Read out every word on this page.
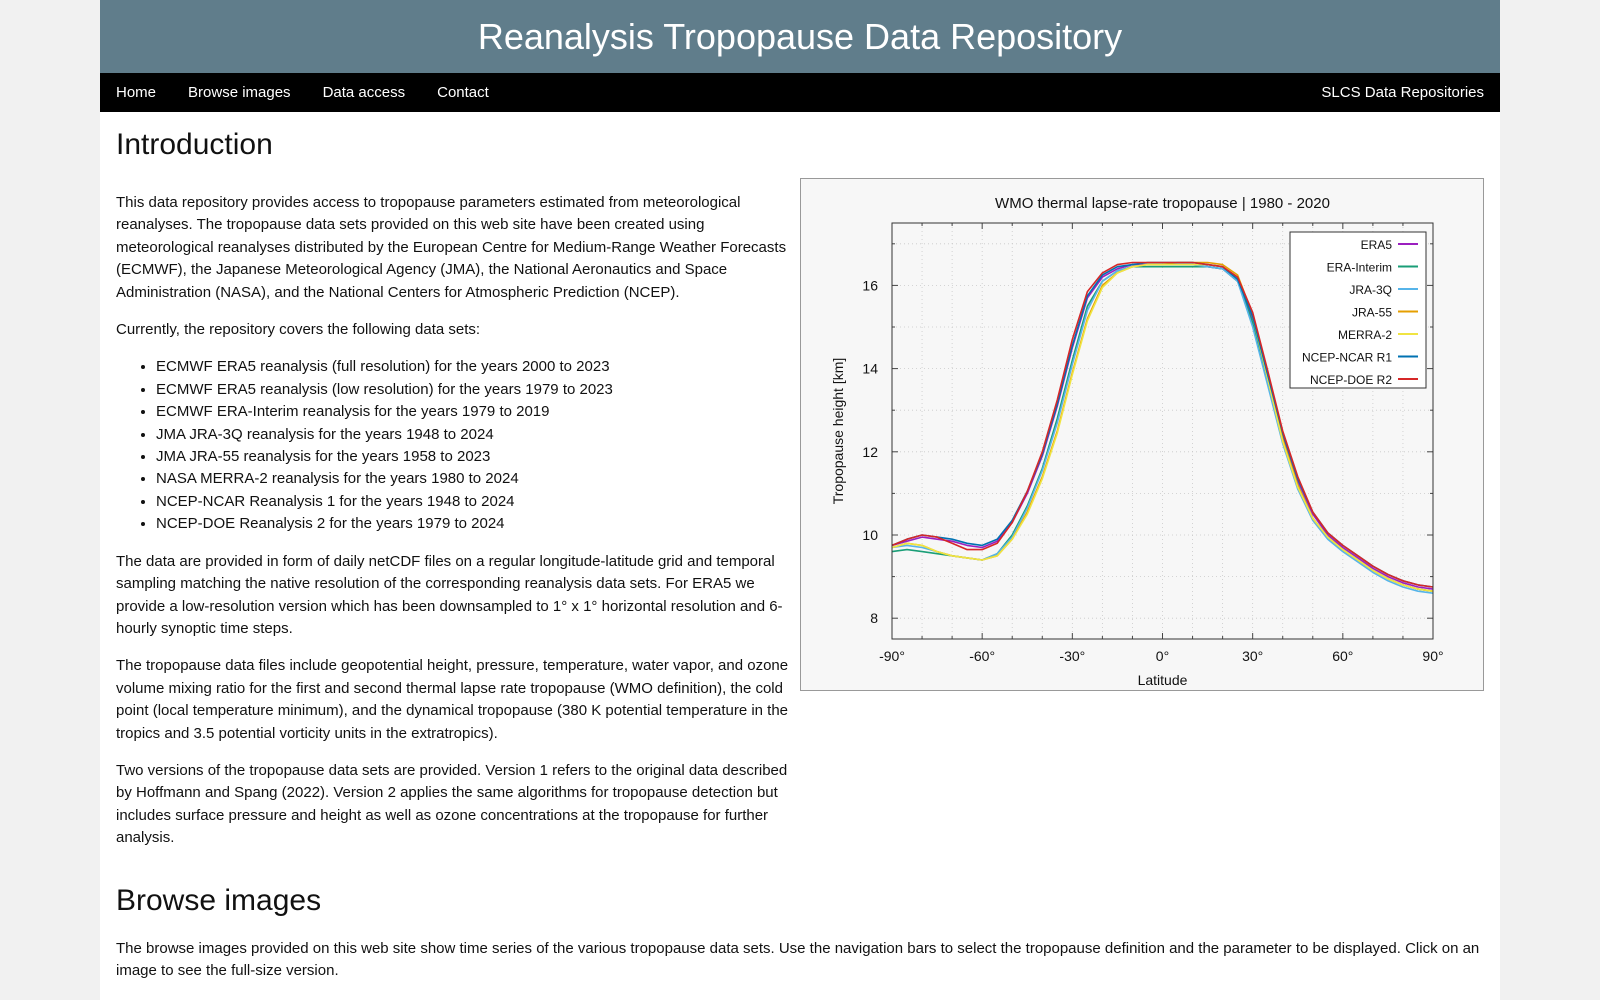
Reanalysis Tropopause Data Repository
Home	Browse images	Data access	Contact	SLCS Data Repositories
Introduction

This data repository provides access to tropopause parameters estimated from meteorological reanalyses. The tropopause data sets provided on this web site have been created using meteorological reanalyses distributed by the European Centre for Medium-Range Weather Forecasts (ECMWF), the Japanese Meteorological Agency (JMA), the National Aeronautics and Space Administration (NASA), and the National Centers for Atmospheric Prediction (NCEP).

Currently, the repository covers the following data sets:

• ECMWF ERA5 reanalysis (full resolution) for the years 2000 to 2023
• ECMWF ERA5 reanalysis (low resolution) for the years 1979 to 2023
• ECMWF ERA-Interim reanalysis for the years 1979 to 2019
• JMA JRA-3Q reanalysis for the years 1948 to 2024
• JMA JRA-55 reanalysis for the years 1958 to 2023
• NASA MERRA-2 reanalysis for the years 1980 to 2024
• NCEP-NCAR Reanalysis 1 for the years 1948 to 2024
• NCEP-DOE Reanalysis 2 for the years 1979 to 2024

The data are provided in form of daily netCDF files on a regular longitude-latitude grid and temporal sampling matching the native resolution of the corresponding reanalysis data sets. For ERA5 we provide a low-resolution version which has been downsampled to 1° x 1° horizontal resolution and 6-hourly synoptic time steps.

The tropopause data files include geopotential height, pressure, temperature, water vapor, and ozone volume mixing ratio for the first and second thermal lapse rate tropopause (WMO definition), the cold point (local temperature minimum), and the dynamical tropopause (380 K potential temperature in the tropics and 3.5 potential vorticity units in the extratropics).

Two versions of the tropopause data sets are provided. Version 1 refers to the original data described by Hoffmann and Spang (2022). Version 2 applies the same algorithms for tropopause detection but includes surface pressure and height as well as ozone concentrations at the tropopause for further analysis.

-90°	-60°	-30°	0°	30°	60°	90°
8
10
12
14
16
WMO thermal lapse-rate tropopause | 1980 - 2020
Latitude
Tropopause height [km]
ERA5
ERA-Interim
JRA-3Q
JRA-55
MERRA-2
NCEP-NCAR R1
NCEP-DOE R2
Browse images
The browse images provided on this web site show time series of the various tropopause data sets. Use the navigation bars to select the tropopause definition and the parameter to be displayed. Click on an image to see the full-size version.
